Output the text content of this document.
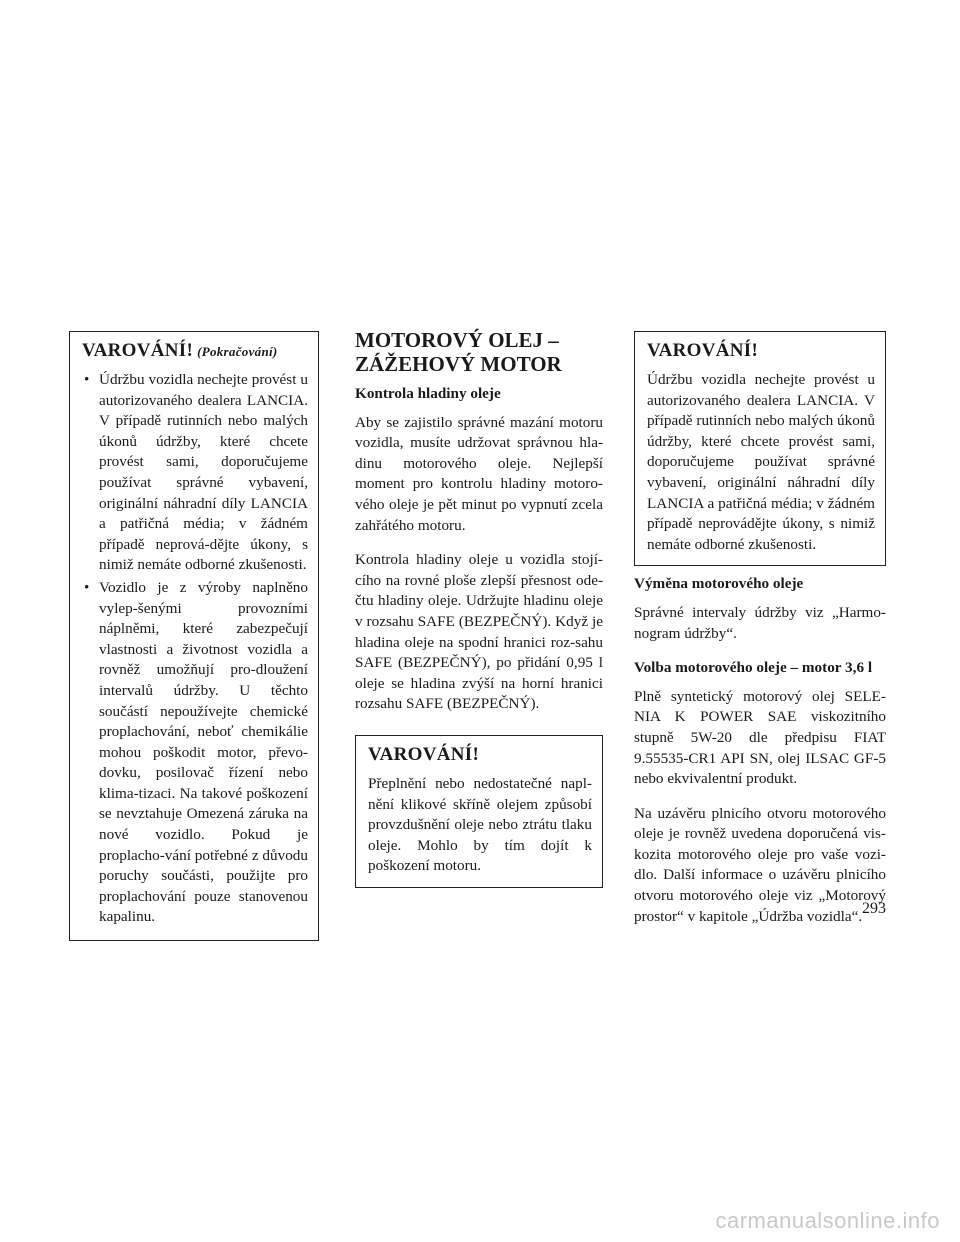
VAROVÁNÍ! (Pokračování)
• Údržbu vozidla nechejte provést u autorizovaného dealera LANCIA. V případě rutinních nebo malých úkonů údržby, které chcete provést sami, doporučujeme používat správné vybavení, originální náhradní díly LANCIA a patřičná média; v žádném případě neprová-dějte úkony, s nimiž nemáte odborné zkušenosti.
• Vozidlo je z výroby naplněno vylep-šenými provozními náplněmi, které zabezpečují vlastnosti a životnost vozidla a rovněž umožňují pro-dloužení intervalů údržby. U těchto součástí nepoužívejte chemické proplachování, neboť chemikálie mohou poškodit motor, převo-dovku, posilovač řízení nebo klima-tizaci. Na takové poškození se nevztahuje Omezená záruka na nové vozidlo. Pokud je proplacho-vání potřebné z důvodu poruchy součásti, použijte pro proplachování pouze stanovenou kapalinu.
MOTOROVÝ OLEJ –
ZÁŽEHOVÝ MOTOR
Kontrola hladiny oleje

Aby se zajistilo správné mazání motoru vozidla, musíte udržovat správnou hla-dinu motorového oleje. Nejlepší moment pro kontrolu hladiny motoro-vého oleje je pět minut po vypnutí zcela zahřátého motoru.

Kontrola hladiny oleje u vozidla stojí-cího na rovné ploše zlepší přesnost ode-čtu hladiny oleje. Udržujte hladinu oleje v rozsahu SAFE (BEZPEČNÝ). Když je hladina oleje na spodní hranici roz-sahu SAFE (BEZPEČNÝ), po přidání 0,95 l oleje se hladina zvýší na horní hranici rozsahu SAFE (BEZPEČNÝ).

VAROVÁNÍ!

Přeplnění nebo nedostatečné napl-nění klikové skříně olejem způsobí provzdušnění oleje nebo ztrátu tlaku oleje. Mohlo by tím dojít k poškození motoru.

VAROVÁNÍ!

Údržbu vozidla nechejte provést u autorizovaného dealera LANCIA. V případě rutinních nebo malých úkonů údržby, které chcete provést sami, doporučujeme používat správné vybavení, originální náhradní díly LANCIA a patřičná média; v žádném případě neprovádějte úkony, s nimiž nemáte odborné zkušenosti.

Výměna motorového oleje

Správné intervaly údržby viz „Harmo-nogram údržby“.

Volba motorového oleje – motor 3,6 l

Plně syntetický motorový olej SELE-NIA K POWER SAE viskozitního stupně 5W-20 dle předpisu FIAT 9.55535-CR1 API SN, olej ILSAC GF-5 nebo ekvivalentní produkt.

Na uzávěru plnicího otvoru motorového oleje je rovněž uvedena doporučená vis-kozita motorového oleje pro vaše vozi-dlo. Další informace o uzávěru plnicího otvoru motorového oleje viz „Motorový prostor“ v kapitole „Údržba vozidla“. 293
carmanualsonline.info
